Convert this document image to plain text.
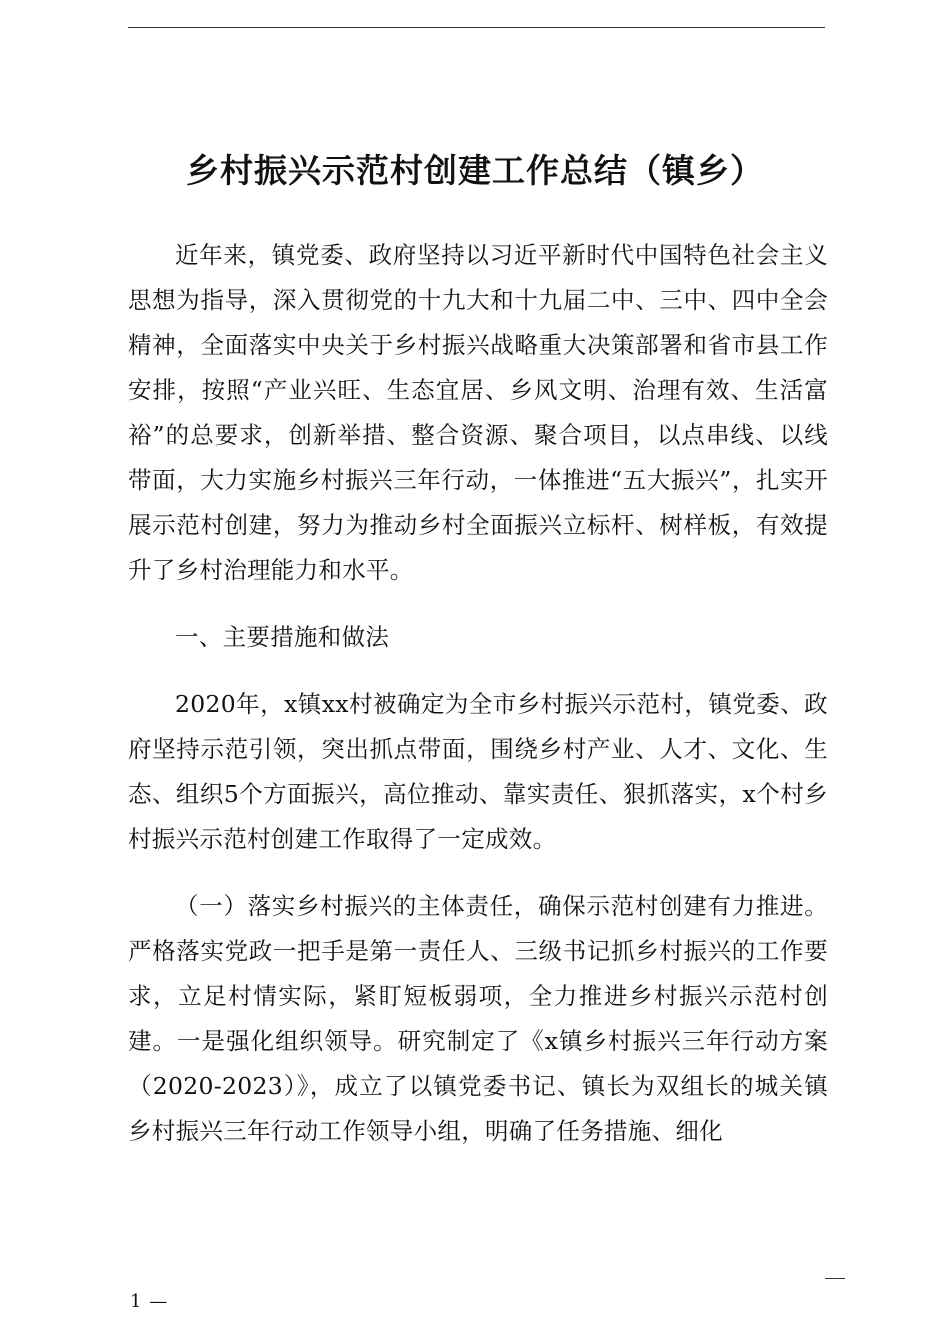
乡村振兴示范村创建工作总结（镇乡）

近年来，镇党委、政府坚持以习近平新时代中国特色社会主义思想为指导，深入贯彻党的十九大和十九届二中、三中、四中全会精神，全面落实中央关于乡村振兴战略重大决策部署和省市县工作安排，按照“产业兴旺、生态宜居、乡风文明、治理有效、生活富裕”的总要求，创新举措、整合资源、聚合项目，以点串线、以线带面，大力实施乡村振兴三年行动，一体推进“五大振兴”，扎实开展示范村创建，努力为推动乡村全面振兴立标杆、树样板，有效提升了乡村治理能力和水平。

一、主要措施和做法

2020年，x镇xx村被确定为全市乡村振兴示范村，镇党委、政府坚持示范引领，突出抓点带面，围绕乡村产业、人才、文化、生态、组织5个方面振兴，高位推动、靠实责任、狠抓落实，x个村乡村振兴示范村创建工作取得了一定成效。

（一）落实乡村振兴的主体责任，确保示范村创建有力推进。严格落实党政一把手是第一责任人、三级书记抓乡村振兴的工作要求，立足村情实际，紧盯短板弱项，全力推进乡村振兴示范村创建。一是强化组织领导。研究制定了《x镇乡村振兴三年行动方案（2020-2023）》，成立了以镇党委书记、镇长为双组长的城关镇乡村振兴三年行动工作领导小组，明确了任务措施、细化

1 —
